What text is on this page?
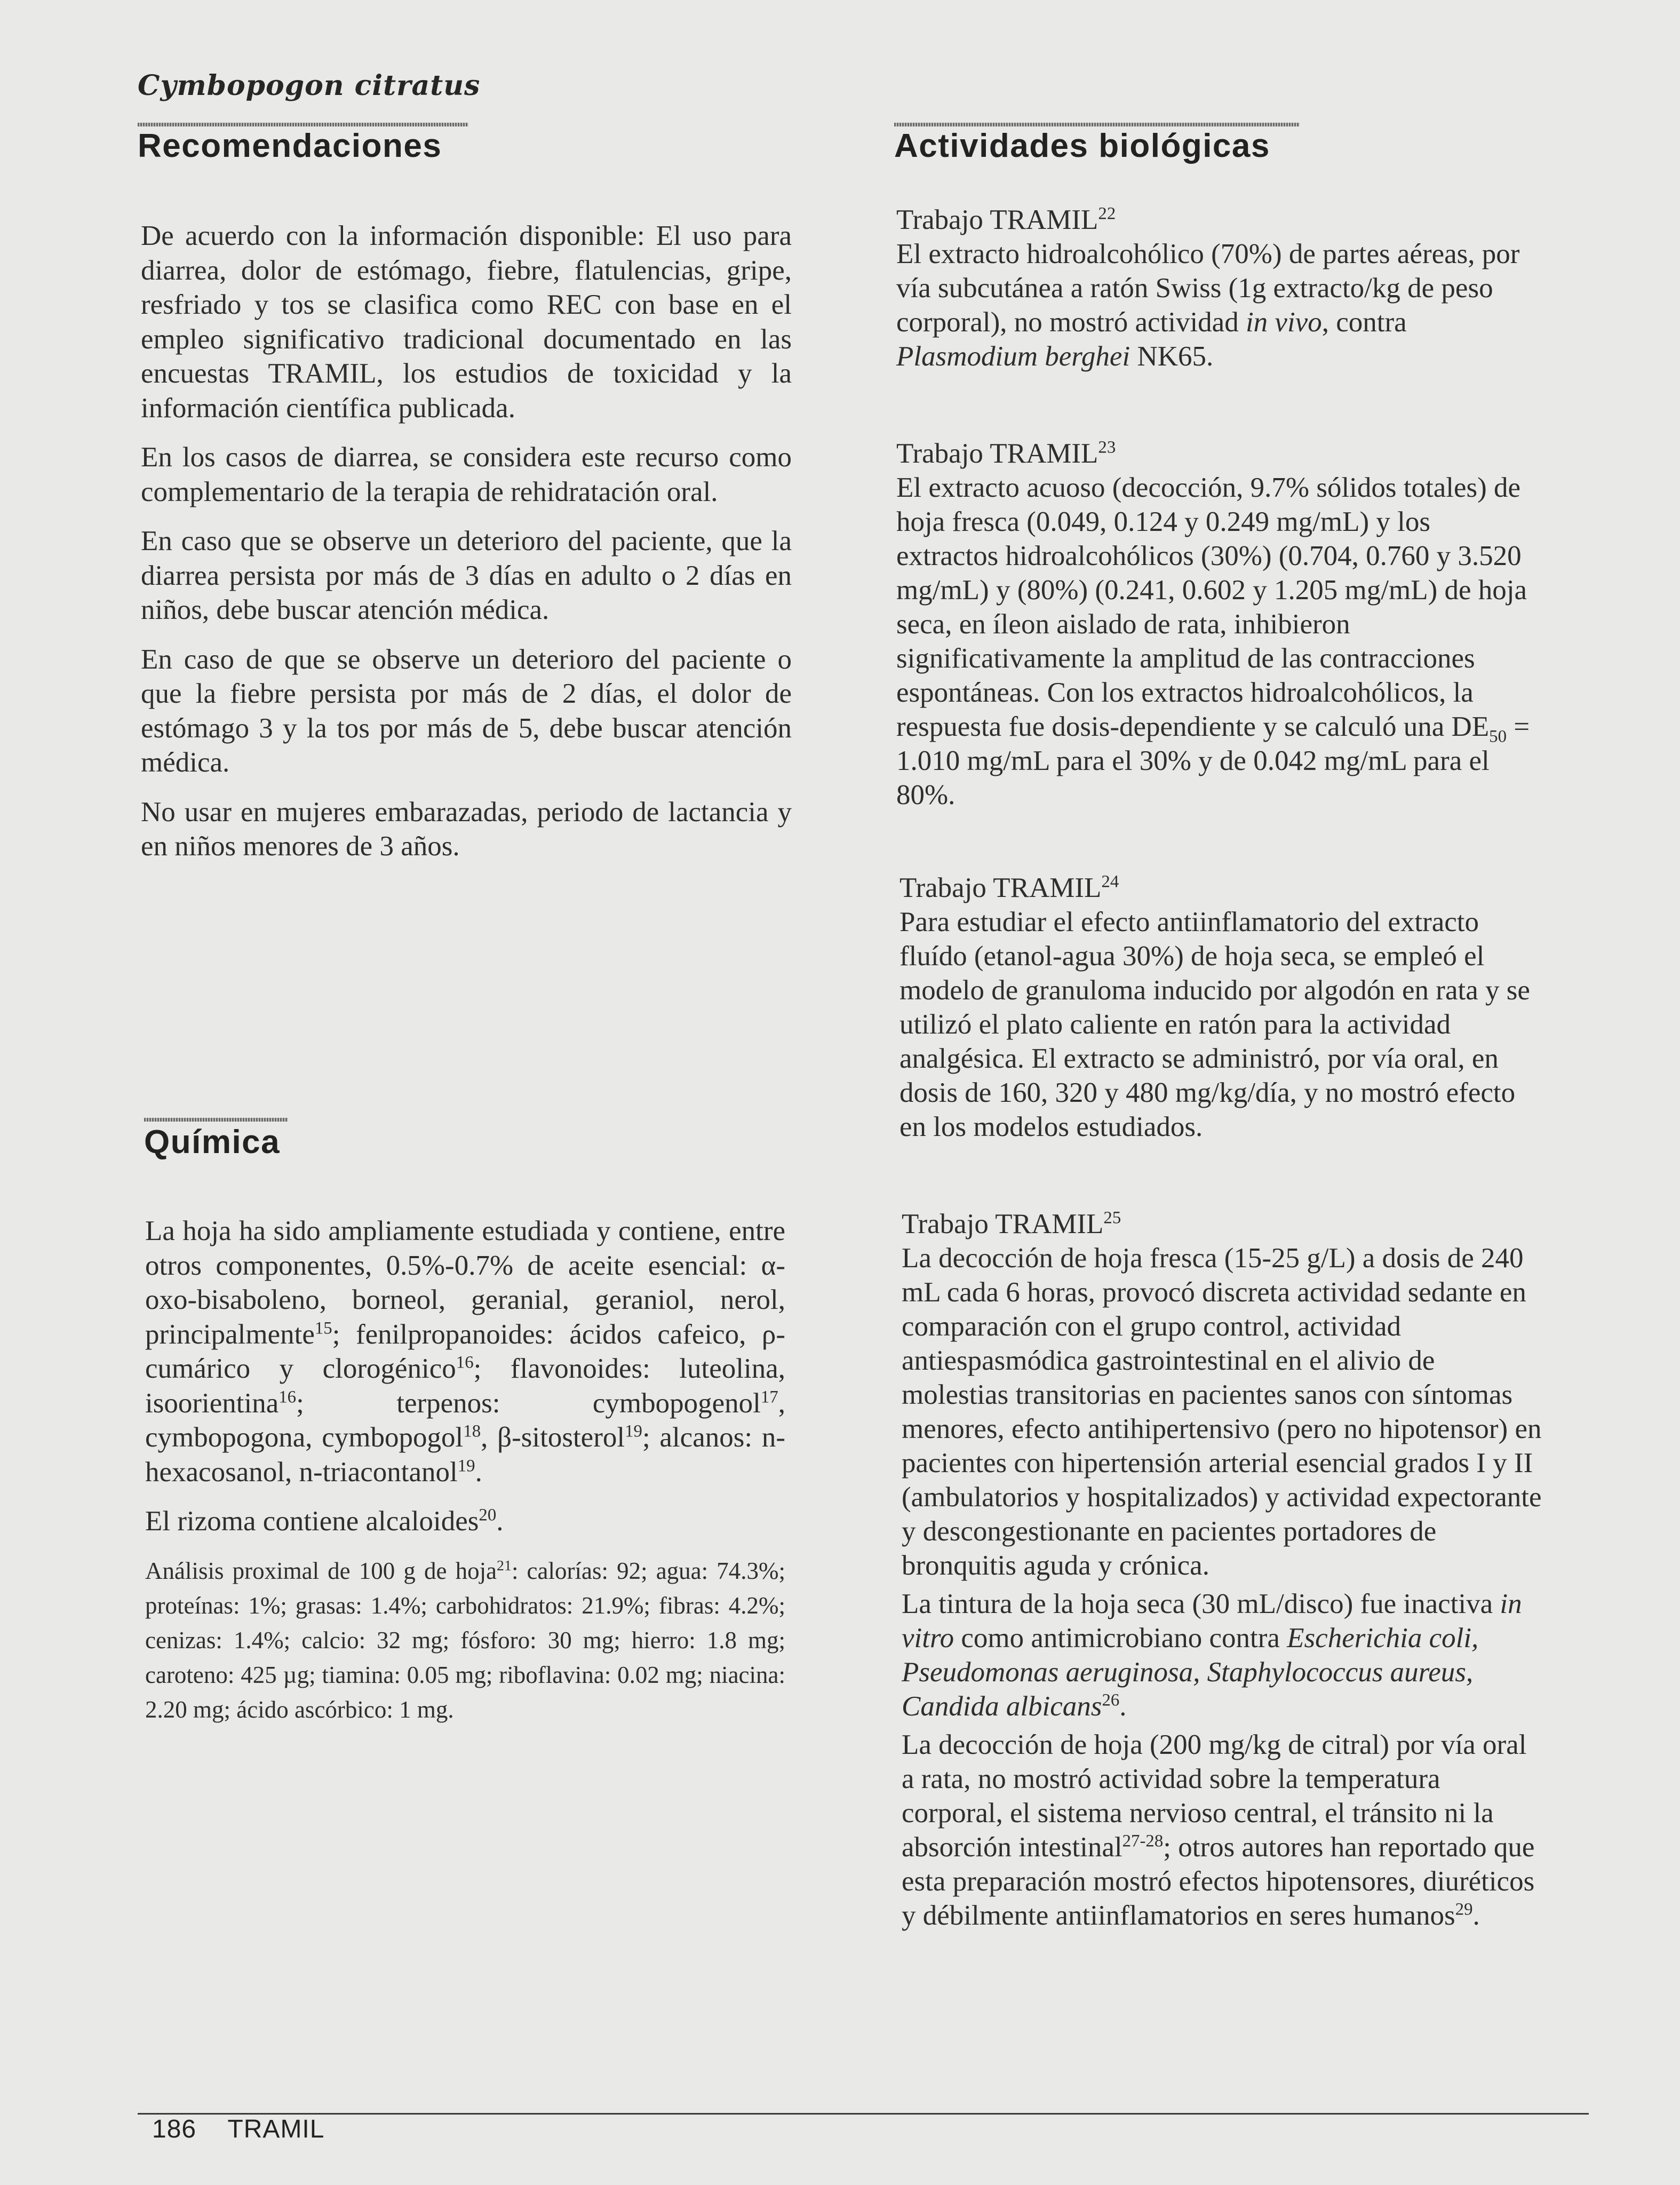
Cymbopogon citratus
Recomendaciones

De acuerdo con la información disponible: El uso para diarrea, dolor de estómago, fiebre, flatulencias, gripe, resfriado y tos se clasifica como REC con base en el empleo significativo tradicional documentado en las encuestas TRAMIL, los estudios de toxicidad y la información científica publicada.

En los casos de diarrea, se considera este recurso como complementario de la terapia de rehidratación oral.

En caso que se observe un deterioro del paciente, que la diarrea persista por más de 3 días en adulto o 2 días en niños, debe buscar atención médica.

En caso de que se observe un deterioro del paciente o que la fiebre persista por más de 2 días, el dolor de estómago 3 y la tos por más de 5, debe buscar atención médica.

No usar en mujeres embarazadas, periodo de lactancia y en niños menores de 3 años.

Química

La hoja ha sido ampliamente estudiada y contiene, entre otros componentes, 0.5%-0.7% de aceite esencial: α-oxo-bisaboleno, borneol, geranial, geraniol, nerol, principalmente$^{15}$; fenilpropanoides: ácidos cafeico, ρ-cumárico y clorogénico$^{16}$; flavonoides: luteolina, isoorientina$^{16}$; terpenos: cymbopogenol$^{17}$, cymbopogona, cymbopogol$^{18}$, β-sitosterol$^{19}$; alcanos: n-hexacosanol, n-triacontanol$^{19}$.

El rizoma contiene alcaloides$^{20}$.

Análisis proximal de 100 g de hoja$^{21}$: calorías: 92; agua: 74.3%; proteínas: 1%; grasas: 1.4%; carbohidratos: 21.9%; fibras: 4.2%; cenizas: 1.4%; calcio: 32 mg; fósforo: 30 mg; hierro: 1.8 mg; caroteno: 425 µg; tiamina: 0.05 mg; riboflavina: 0.02 mg; niacina: 2.20 mg; ácido ascórbico: 1 mg.

Actividades biológicas

Trabajo TRAMIL$^{22}$
El extracto hidroalcohólico (70%) de partes aéreas, por vía subcutánea a ratón Swiss (1g extracto/kg de peso corporal), no mostró actividad in vivo, contra Plasmodium berghei NK65.

Trabajo TRAMIL$^{23}$
El extracto acuoso (decocción, 9.7% sólidos totales) de hoja fresca (0.049, 0.124 y 0.249 mg/mL) y los extractos hidroalcohólicos (30%) (0.704, 0.760 y 3.520 mg/mL) y (80%) (0.241, 0.602 y 1.205 mg/mL) de hoja seca, en íleon aislado de rata, inhibieron significativamente la amplitud de las contracciones espontáneas. Con los extractos hidroalcohólicos, la respuesta fue dosis-dependiente y se calculó una $DE_{50} = 1.010$ mg/mL para el 30% y de 0.042 mg/mL para el 80%.

Trabajo TRAMIL$^{24}$
Para estudiar el efecto antiinflamatorio del extracto fluído (etanol-agua 30%) de hoja seca, se empleó el modelo de granuloma inducido por algodón en rata y se utilizó el plato caliente en ratón para la actividad analgésica. El extracto se administró, por vía oral, en dosis de 160, 320 y 480 mg/kg/día, y no mostró efecto en los modelos estudiados.

Trabajo TRAMIL$^{25}$
La decocción de hoja fresca (15-25 g/L) a dosis de 240 mL cada 6 horas, provocó discreta actividad sedante en comparación con el grupo control, actividad antiespasmódica gastrointestinal en el alivio de molestias transitorias en pacientes sanos con síntomas menores, efecto antihipertensivo (pero no hipotensor) en pacientes con hipertensión arterial esencial grados I y II (ambulatorios y hospitalizados) y actividad expectorante y descongestionante en pacientes portadores de bronquitis aguda y crónica.
La tintura de la hoja seca (30 mL/disco) fue inactiva in vitro como antimicrobiano contra Escherichia coli, Pseudomonas aeruginosa, Staphylococcus aureus, Candida albicans$^{26}$.
La decocción de hoja (200 mg/kg de citral) por vía oral a rata, no mostró actividad sobre la temperatura corporal, el sistema nervioso central, el tránsito ni la absorción intestinal$^{27-28}$; otros autores han reportado que esta preparación mostró efectos hipotensores, diuréticos y débilmente antiinflamatorios en seres humanos$^{29}$.
186 TRAMIL
